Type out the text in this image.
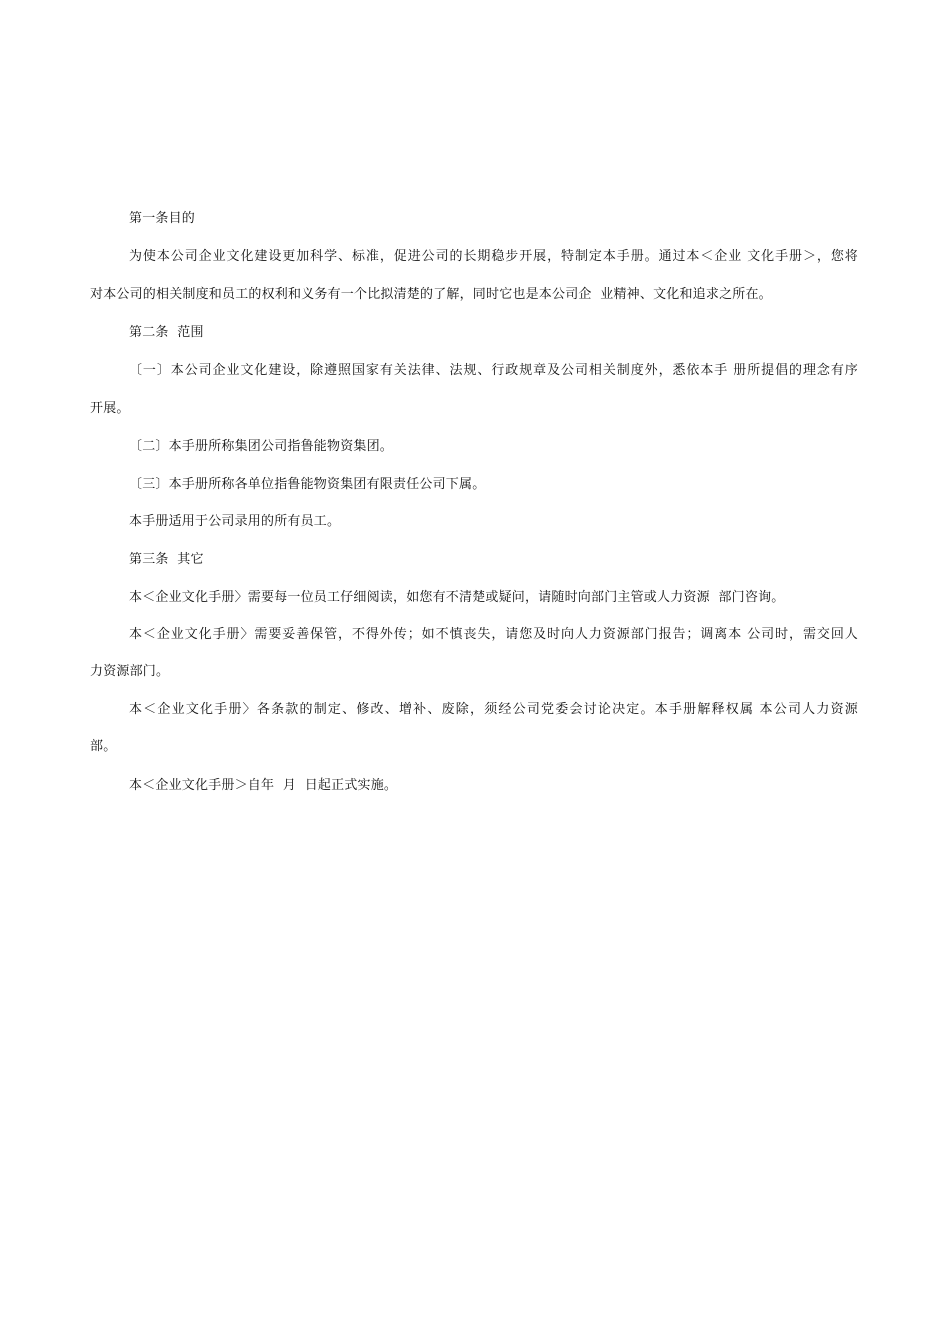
第一条目的
为使本公司企业文化建设更加科学、标准，促进公司的长期稳步开展，特制定本手册。通过本＜企业 文化手册＞，您将
对本公司的相关制度和员工的权利和义务有一个比拟清楚的了解，同时它也是本公司企  业精神、文化和追求之所在。
第二条  范围
〔一〕本公司企业文化建设，除遵照国家有关法律、法规、行政规章及公司相关制度外，悉依本手 册所提倡的理念有序
开展。
〔二〕本手册所称集团公司指鲁能物资集团。
〔三〕本手册所称各单位指鲁能物资集团有限责任公司下属。
本手册适用于公司录用的所有员工。
第三条  其它
本＜企业文化手册〉需要每一位员工仔细阅读，如您有不清楚或疑问，请随时向部门主管或人力资源  部门咨询。
本＜企业文化手册〉需要妥善保管，不得外传；如不慎丧失，请您及时向人力资源部门报告；调离本 公司时，需交回人
力资源部门。
本＜企业文化手册〉各条款的制定、修改、增补、废除，须经公司党委会讨论决定。本手册解释权属 本公司人力资源
部。
本＜企业文化手册＞自年  月  日起正式实施。
